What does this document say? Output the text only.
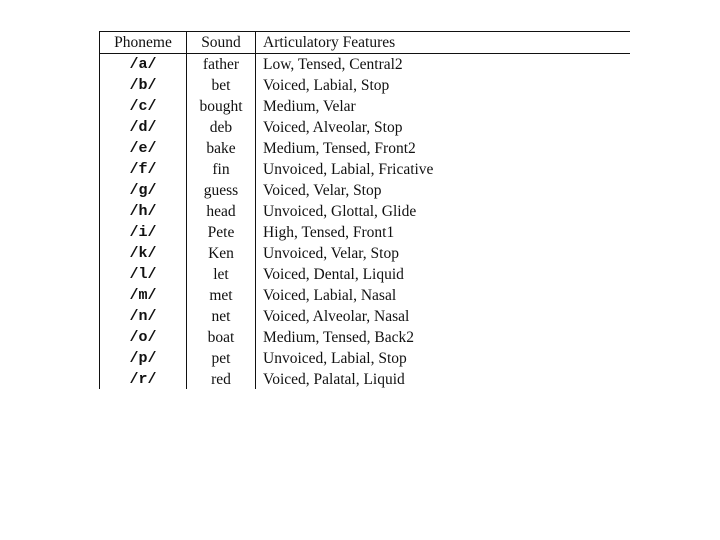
Phoneme	Sound	Articulatory Features
/a/	father	Low, Tensed, Central2
/b/	bet	Voiced, Labial, Stop
/c/	bought	Medium, Velar
/d/	deb	Voiced, Alveolar, Stop
/e/	bake	Medium, Tensed, Front2
/f/	fin	Unvoiced, Labial, Fricative
/g/	guess	Voiced, Velar, Stop
/h/	head	Unvoiced, Glottal, Glide
/i/	Pete	High, Tensed, Front1
/k/	Ken	Unvoiced, Velar, Stop
/l/	let	Voiced, Dental, Liquid
/m/	met	Voiced, Labial, Nasal
/n/	net	Voiced, Alveolar, Nasal
/o/	boat	Medium, Tensed, Back2
/p/	pet	Unvoiced, Labial, Stop
/r/	red	Voiced, Palatal, Liquid
